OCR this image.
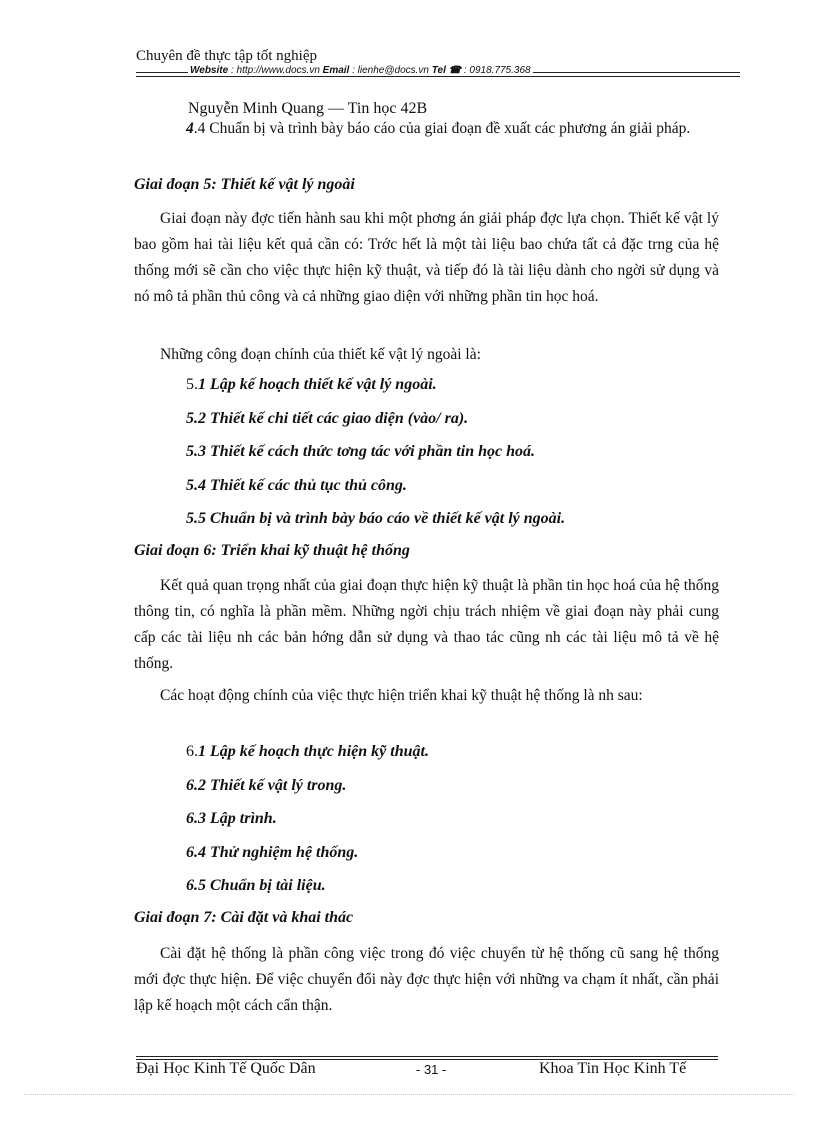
Chuyên đề thực tập tốt nghiệp
Website : http://www.docs.vn Email : lienhe@docs.vn Tel ☎ : 0918.775.368
Nguyễn Minh Quang — Tin học 42B
4.4 Chuẩn bị và trình bày báo cáo của giai đoạn đề xuất các phương án giải pháp.
Giai đoạn 5: Thiết kế vật lý ngoài
Giai đoạn này đợc tiến hành sau khi một phơng án giải pháp đợc lựa chọn. Thiết kế vật lý bao gồm hai tài liệu kết quả cần có: Trớc hết là một tài liệu bao chứa tất cả đặc trng của hệ thống mới sẽ cần cho việc thực hiện kỹ thuật, và tiếp đó là tài liệu dành cho ngời sử dụng và nó mô tả phần thủ công và cả những giao diện với những phần tin học hoá.
Những công đoạn chính của thiết kế vật lý ngoài là:
5.1 Lập kế hoạch thiết kế vật lý ngoài.
5.2 Thiết kế chi tiết các giao diện (vào/ ra).
5.3 Thiết kế cách thức tơng tác với phần tin học hoá.
5.4 Thiết kế các thủ tục thủ công.
5.5 Chuẩn bị và trình bày báo cáo về thiết kế vật lý ngoài.
Giai đoạn 6: Triển khai kỹ thuật hệ thống
Kết quả quan trọng nhất của giai đoạn thực hiện kỹ thuật là phần tin học hoá của hệ thống thông tin, có nghĩa là phần mềm. Những ngời chịu trách nhiệm về giai đoạn này phải cung cấp các tài liệu nh các bản hớng dẫn sử dụng và thao tác cũng nh các tài liệu mô tả về hệ thống.
Các hoạt động chính của việc thực hiện triển khai kỹ thuật hệ thống là nh sau:
6.1 Lập kế hoạch thực hiện kỹ thuật.
6.2 Thiết kế vật lý trong.
6.3 Lập trình.
6.4 Thử nghiệm hệ thống.
6.5 Chuẩn bị tài liệu.
Giai đoạn 7: Cài đặt và khai thác
Cài đặt hệ thống là phần công việc trong đó việc chuyển từ hệ thống cũ sang hệ thống mới đợc thực hiện. Để việc chuyển đổi này đợc thực hiện với những va chạm ít nhất, cần phải lập kế hoạch một cách cẩn thận.
Đại Học Kinh Tế Quốc Dân	- 31 -	Khoa Tin Học Kinh Tế
